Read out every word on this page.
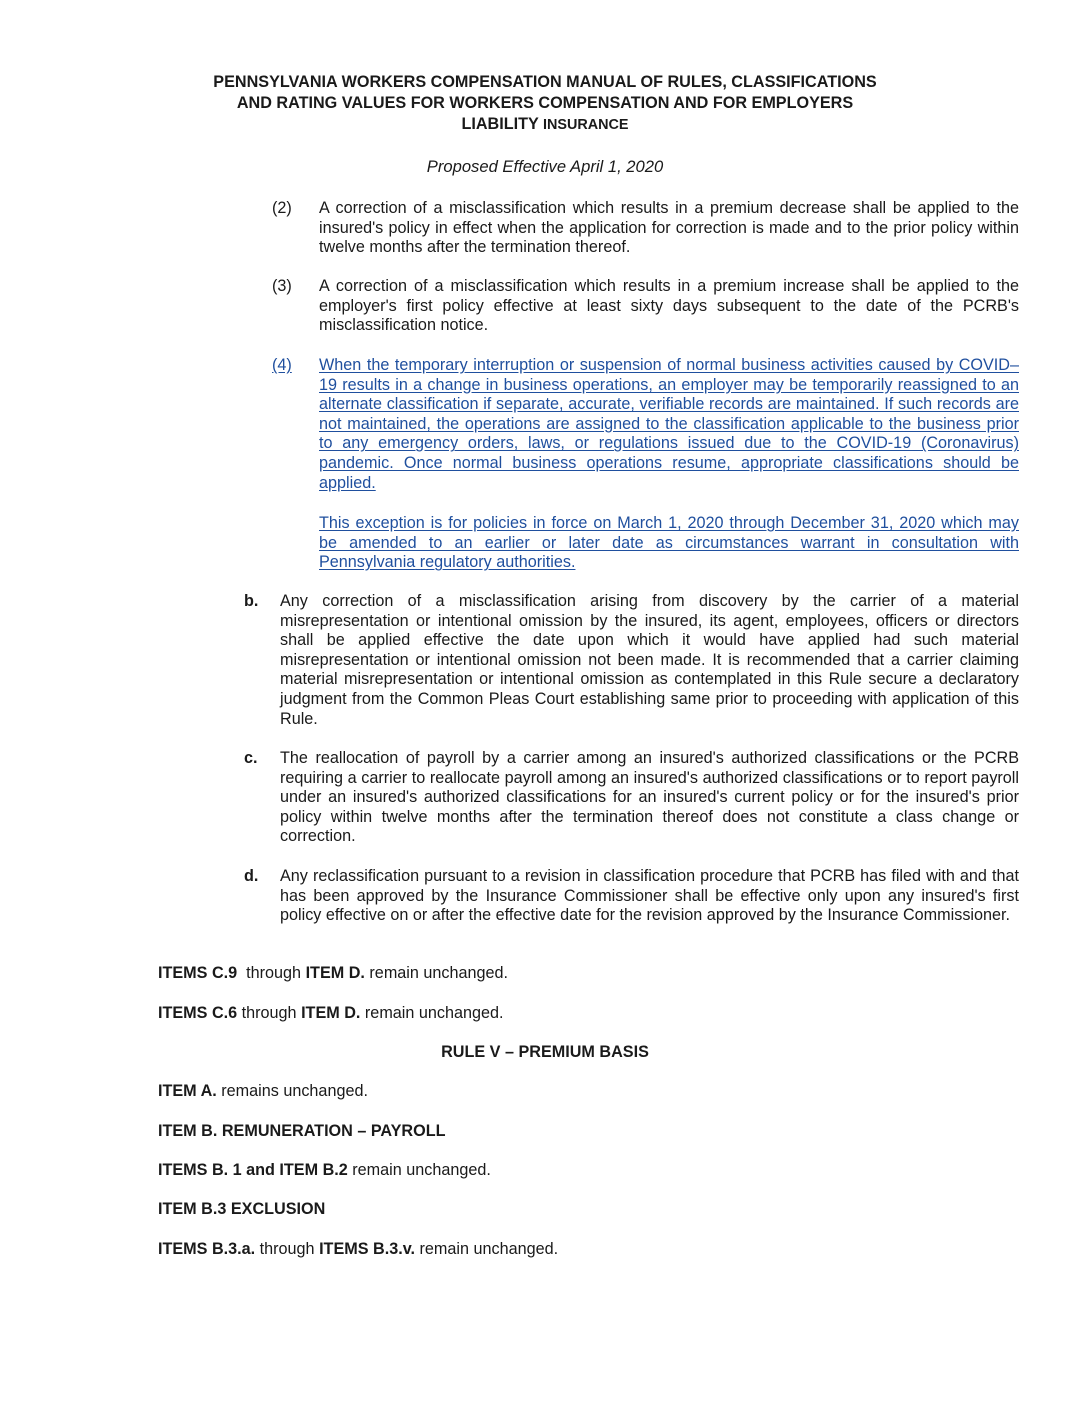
PENNSYLVANIA WORKERS COMPENSATION MANUAL OF RULES, CLASSIFICATIONS
AND RATING VALUES FOR WORKERS COMPENSATION AND FOR EMPLOYERS
LIABILITY INSURANCE
Proposed Effective April 1, 2020
(2) A correction of a misclassification which results in a premium decrease shall be applied to the insured's policy in effect when the application for correction is made and to the prior policy within twelve months after the termination thereof.
(3) A correction of a misclassification which results in a premium increase shall be applied to the employer's first policy effective at least sixty days subsequent to the date of the PCRB's misclassification notice.
(4) When the temporary interruption or suspension of normal business activities caused by COVID–19 results in a change in business operations, an employer may be temporarily reassigned to an alternate classification if separate, accurate, verifiable records are maintained. If such records are not maintained, the operations are assigned to the classification applicable to the business prior to any emergency orders, laws, or regulations issued due to the COVID-19 (Coronavirus) pandemic. Once normal business operations resume, appropriate classifications should be applied.
This exception is for policies in force on March 1, 2020 through December 31, 2020 which may be amended to an earlier or later date as circumstances warrant in consultation with Pennsylvania regulatory authorities.
b. Any correction of a misclassification arising from discovery by the carrier of a material misrepresentation or intentional omission by the insured, its agent, employees, officers or directors shall be applied effective the date upon which it would have applied had such material misrepresentation or intentional omission not been made. It is recommended that a carrier claiming material misrepresentation or intentional omission as contemplated in this Rule secure a declaratory judgment from the Common Pleas Court establishing same prior to proceeding with application of this Rule.
c. The reallocation of payroll by a carrier among an insured's authorized classifications or the PCRB requiring a carrier to reallocate payroll among an insured's authorized classifications or to report payroll under an insured's authorized classifications for an insured's current policy or for the insured's prior policy within twelve months after the termination thereof does not constitute a class change or correction.
d. Any reclassification pursuant to a revision in classification procedure that PCRB has filed with and that has been approved by the Insurance Commissioner shall be effective only upon any insured's first policy effective on or after the effective date for the revision approved by the Insurance Commissioner.
ITEMS C.9  through ITEM D. remain unchanged.
ITEMS C.6 through ITEM D. remain unchanged.
RULE V – PREMIUM BASIS
ITEM A. remains unchanged.
ITEM B. REMUNERATION – PAYROLL
ITEMS B. 1 and ITEM B.2 remain unchanged.
ITEM B.3 EXCLUSION
ITEMS B.3.a. through ITEMS B.3.v. remain unchanged.
